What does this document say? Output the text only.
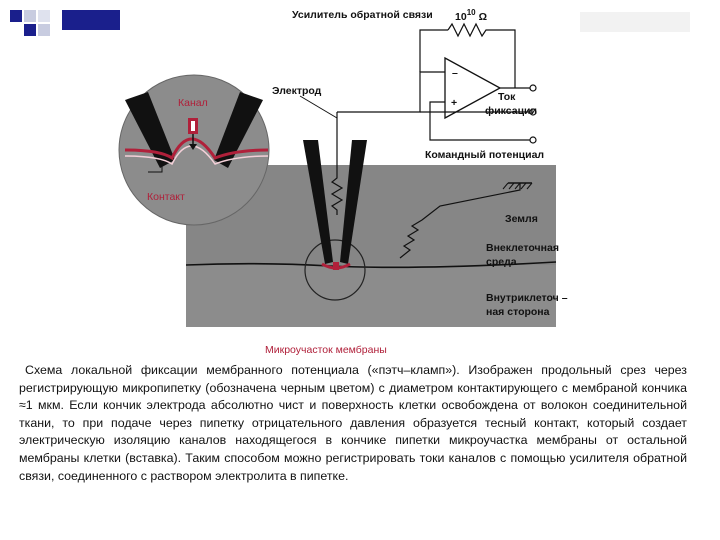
Усилитель обратной связи $10^{10}$ Ω
Электрод
Канал
Контакт
Ток
фиксации
Командный потенциал
Земля
Внеклеточная
среда
Внутриклеточ –
ная сторона
Микроучасток мембраны
–
+

Схема локальной фиксации мембранного потенциала («пэтч–кламп»). Изображен продольный срез через регистрирующую микропипетку (обозначена черным цветом) с диаметром контактирующего с мембраной кончика ≈1 мкм. Если кончик электрода абсолютно чист и поверхность клетки освобождена от волокон соединительной ткани, то при подаче через пипетку отрицательного давления образуется тесный контакт, который создает электрическую изоляцию каналов находящегося в кончике пипетки микроучастка мембраны от остальной мембраны клетки (вставка). Таким способом можно регистрировать токи каналов с помощью усилителя обратной связи, соединенного с раствором электролита в пипетке.
